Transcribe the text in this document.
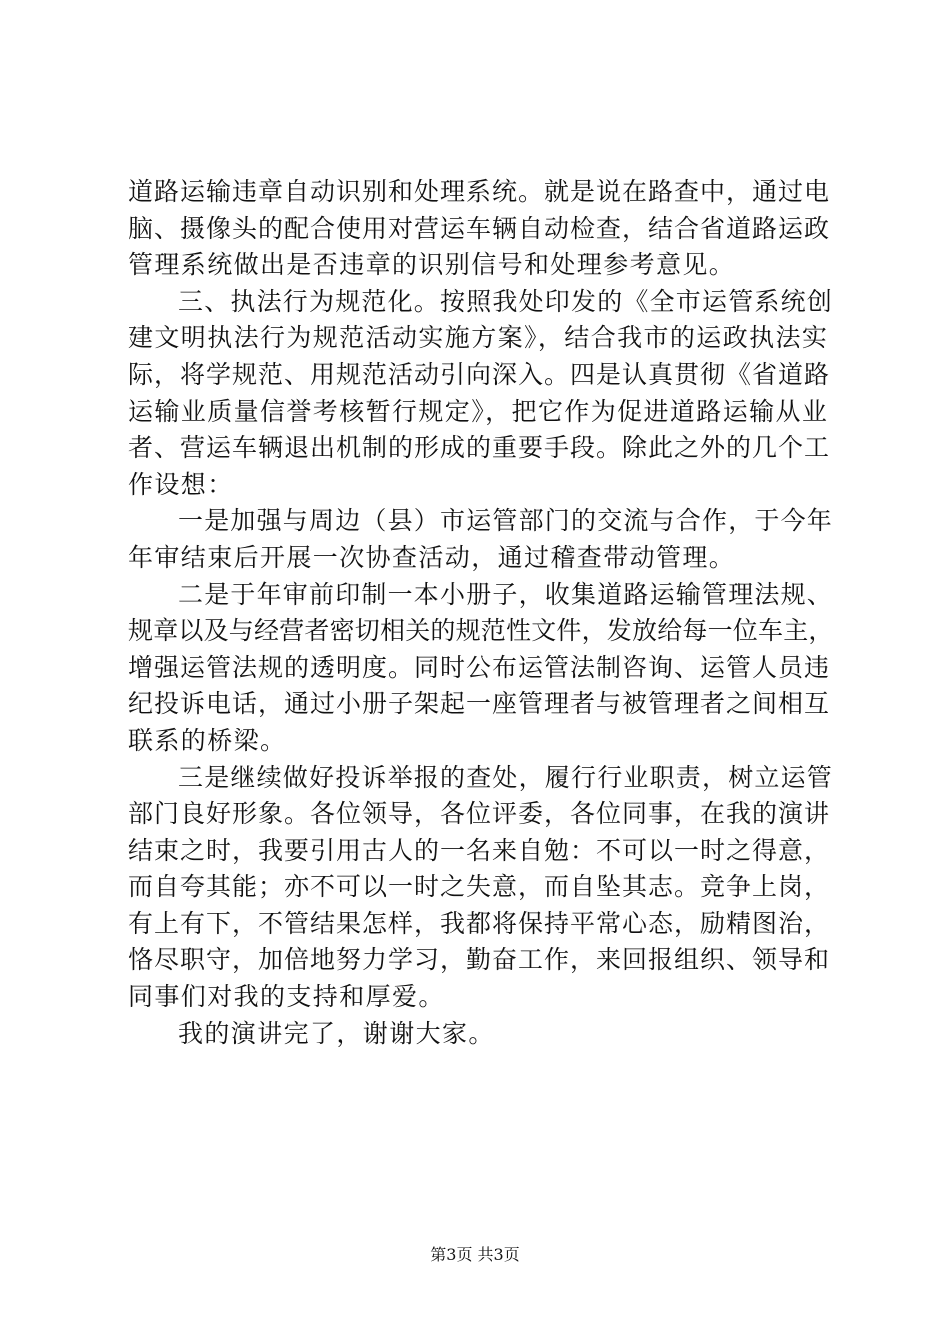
道路运输违章自动识别和处理系统。就是说在路查中，通过电
脑、摄像头的配合使用对营运车辆自动检查，结合省道路运政
管理系统做出是否违章的识别信号和处理参考意见。
三、执法行为规范化。按照我处印发的《全市运管系统创
建文明执法行为规范活动实施方案》，结合我市的运政执法实
际，将学规范、用规范活动引向深入。四是认真贯彻《省道路
运输业质量信誉考核暂行规定》，把它作为促进道路运输从业
者、营运车辆退出机制的形成的重要手段。除此之外的几个工
作设想：
一是加强与周边（县）市运管部门的交流与合作，于今年
年审结束后开展一次协查活动，通过稽查带动管理。
二是于年审前印制一本小册子，收集道路运输管理法规、
规章以及与经营者密切相关的规范性文件，发放给每一位车主，
增强运管法规的透明度。同时公布运管法制咨询、运管人员违
纪投诉电话，通过小册子架起一座管理者与被管理者之间相互
联系的桥梁。
三是继续做好投诉举报的查处，履行行业职责，树立运管
部门良好形象。各位领导，各位评委，各位同事，在我的演讲
结束之时，我要引用古人的一名来自勉：不可以一时之得意，
而自夸其能；亦不可以一时之失意，而自坠其志。竞争上岗，
有上有下，不管结果怎样，我都将保持平常心态，励精图治，
恪尽职守，加倍地努力学习，勤奋工作，来回报组织、领导和
同事们对我的支持和厚爱。
我的演讲完了，谢谢大家。
第3页 共3页
